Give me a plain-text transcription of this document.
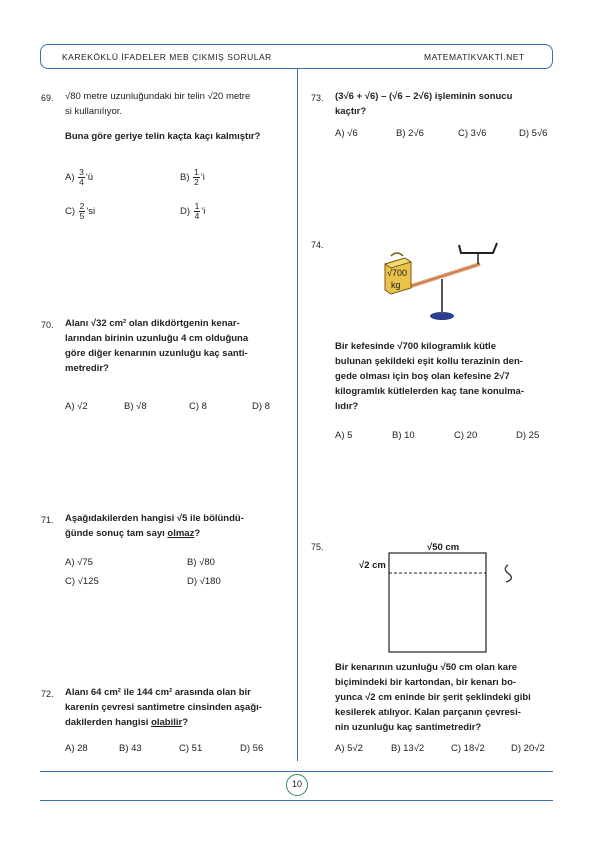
KAREKÖKLÜ İFADELER MEB ÇIKMIŞ SORULAR	MATEMATİKVAKTİ.NET
69. √80 metre uzunluğundaki bir telin √20 metre
si kullanılıyor.
Buna göre geriye telin kaçta kaçı kalmıştır?
$A) \frac{3}{4}$ 'ü	$B) \frac{1}{2}$ 'i
$C) \frac{2}{5}$ 'si	$D) \frac{1}{4}$ 'i
70. Alanı √32 cm² olan dikdörtgenin kenar-
larından birinin uzunluğu 4 cm olduğuna
göre diğer kenarının uzunluğu kaç santi-
metredir?
A) √2	B) √8	C) 8	D) 8
71. Aşağıdakilerden hangisi √5 ile bölündü-
ğünde sonuç tam sayı olmaz?
A) √75	B) √80
C) √125	D) √180
72. Alanı 64 cm² ile 144 cm² arasında olan bir
karenin çevresi santimetre cinsinden aşağı-
dakilerden hangisi olabilir?
A) 28	B) 43	C) 51	D) 56
73. (3√6 + √6) – (√6 – 2√6) işleminin sonucu
kaçtır?
A) √6	B) 2√6	C) 3√6	D) 5√6
74.
√700
kg
Bir kefesinde √700 kilogramlık kütle
bulunan şekildeki eşit kollu terazinin den-
gede olması için boş olan kefesine 2√7
kilogramlık kütlelerden kaç tane konulma-
lıdır?
A) 5	B) 10	C) 20	D) 25
75.	√50 cm
√2 cm
Bir kenarının uzunluğu √50 cm olan kare
biçimindeki bir kartondan, bir kenarı bo-
yunca √2 cm eninde bir şerit şeklindeki gibi
kesilerek atılıyor. Kalan parçanın çevresi-
nin uzunluğu kaç santimetredir?
A) 5√2	B) 13√2	C) 18√2	D) 20√2
10
